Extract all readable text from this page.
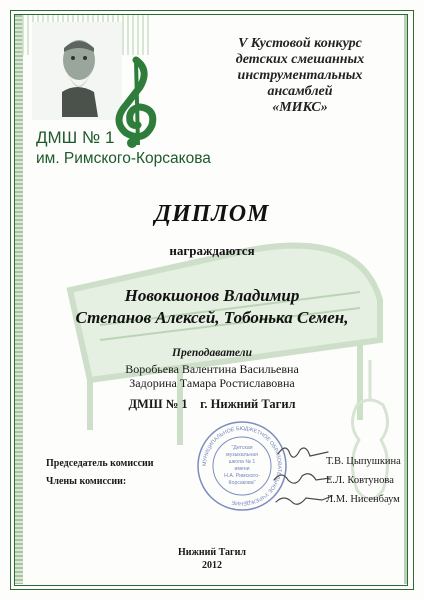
ДМШ № 1
им. Римского-Корсакова
V Кустовой конкурс
детских смешанных
инструментальных
ансамблей
«МИКС»
ДИПЛОМ
награждаются
Новокшонов Владимир
Степанов Алексей, Тобонька Семен,
Преподаватели
Воробьева Валентина Васильевна
Задорина Тамара Ростиславовна
ДМШ № 1    г. Нижний Тагил
МУНИЦИПАЛЬНОЕ БЮДЖЕТНОЕ ОБРАЗОВАТЕЛЬНОЕ УЧРЕЖДЕНИЕ
"Детская
музыкальная
школа № 1
имени
Н.А. Римского-
Корсакова"
Председатель комиссии
Члены комиссии:
Т.В. Цыпушкина
Е.Л. Ковтунова
Л.М. Нисенбаум
Нижний Тагил
2012
